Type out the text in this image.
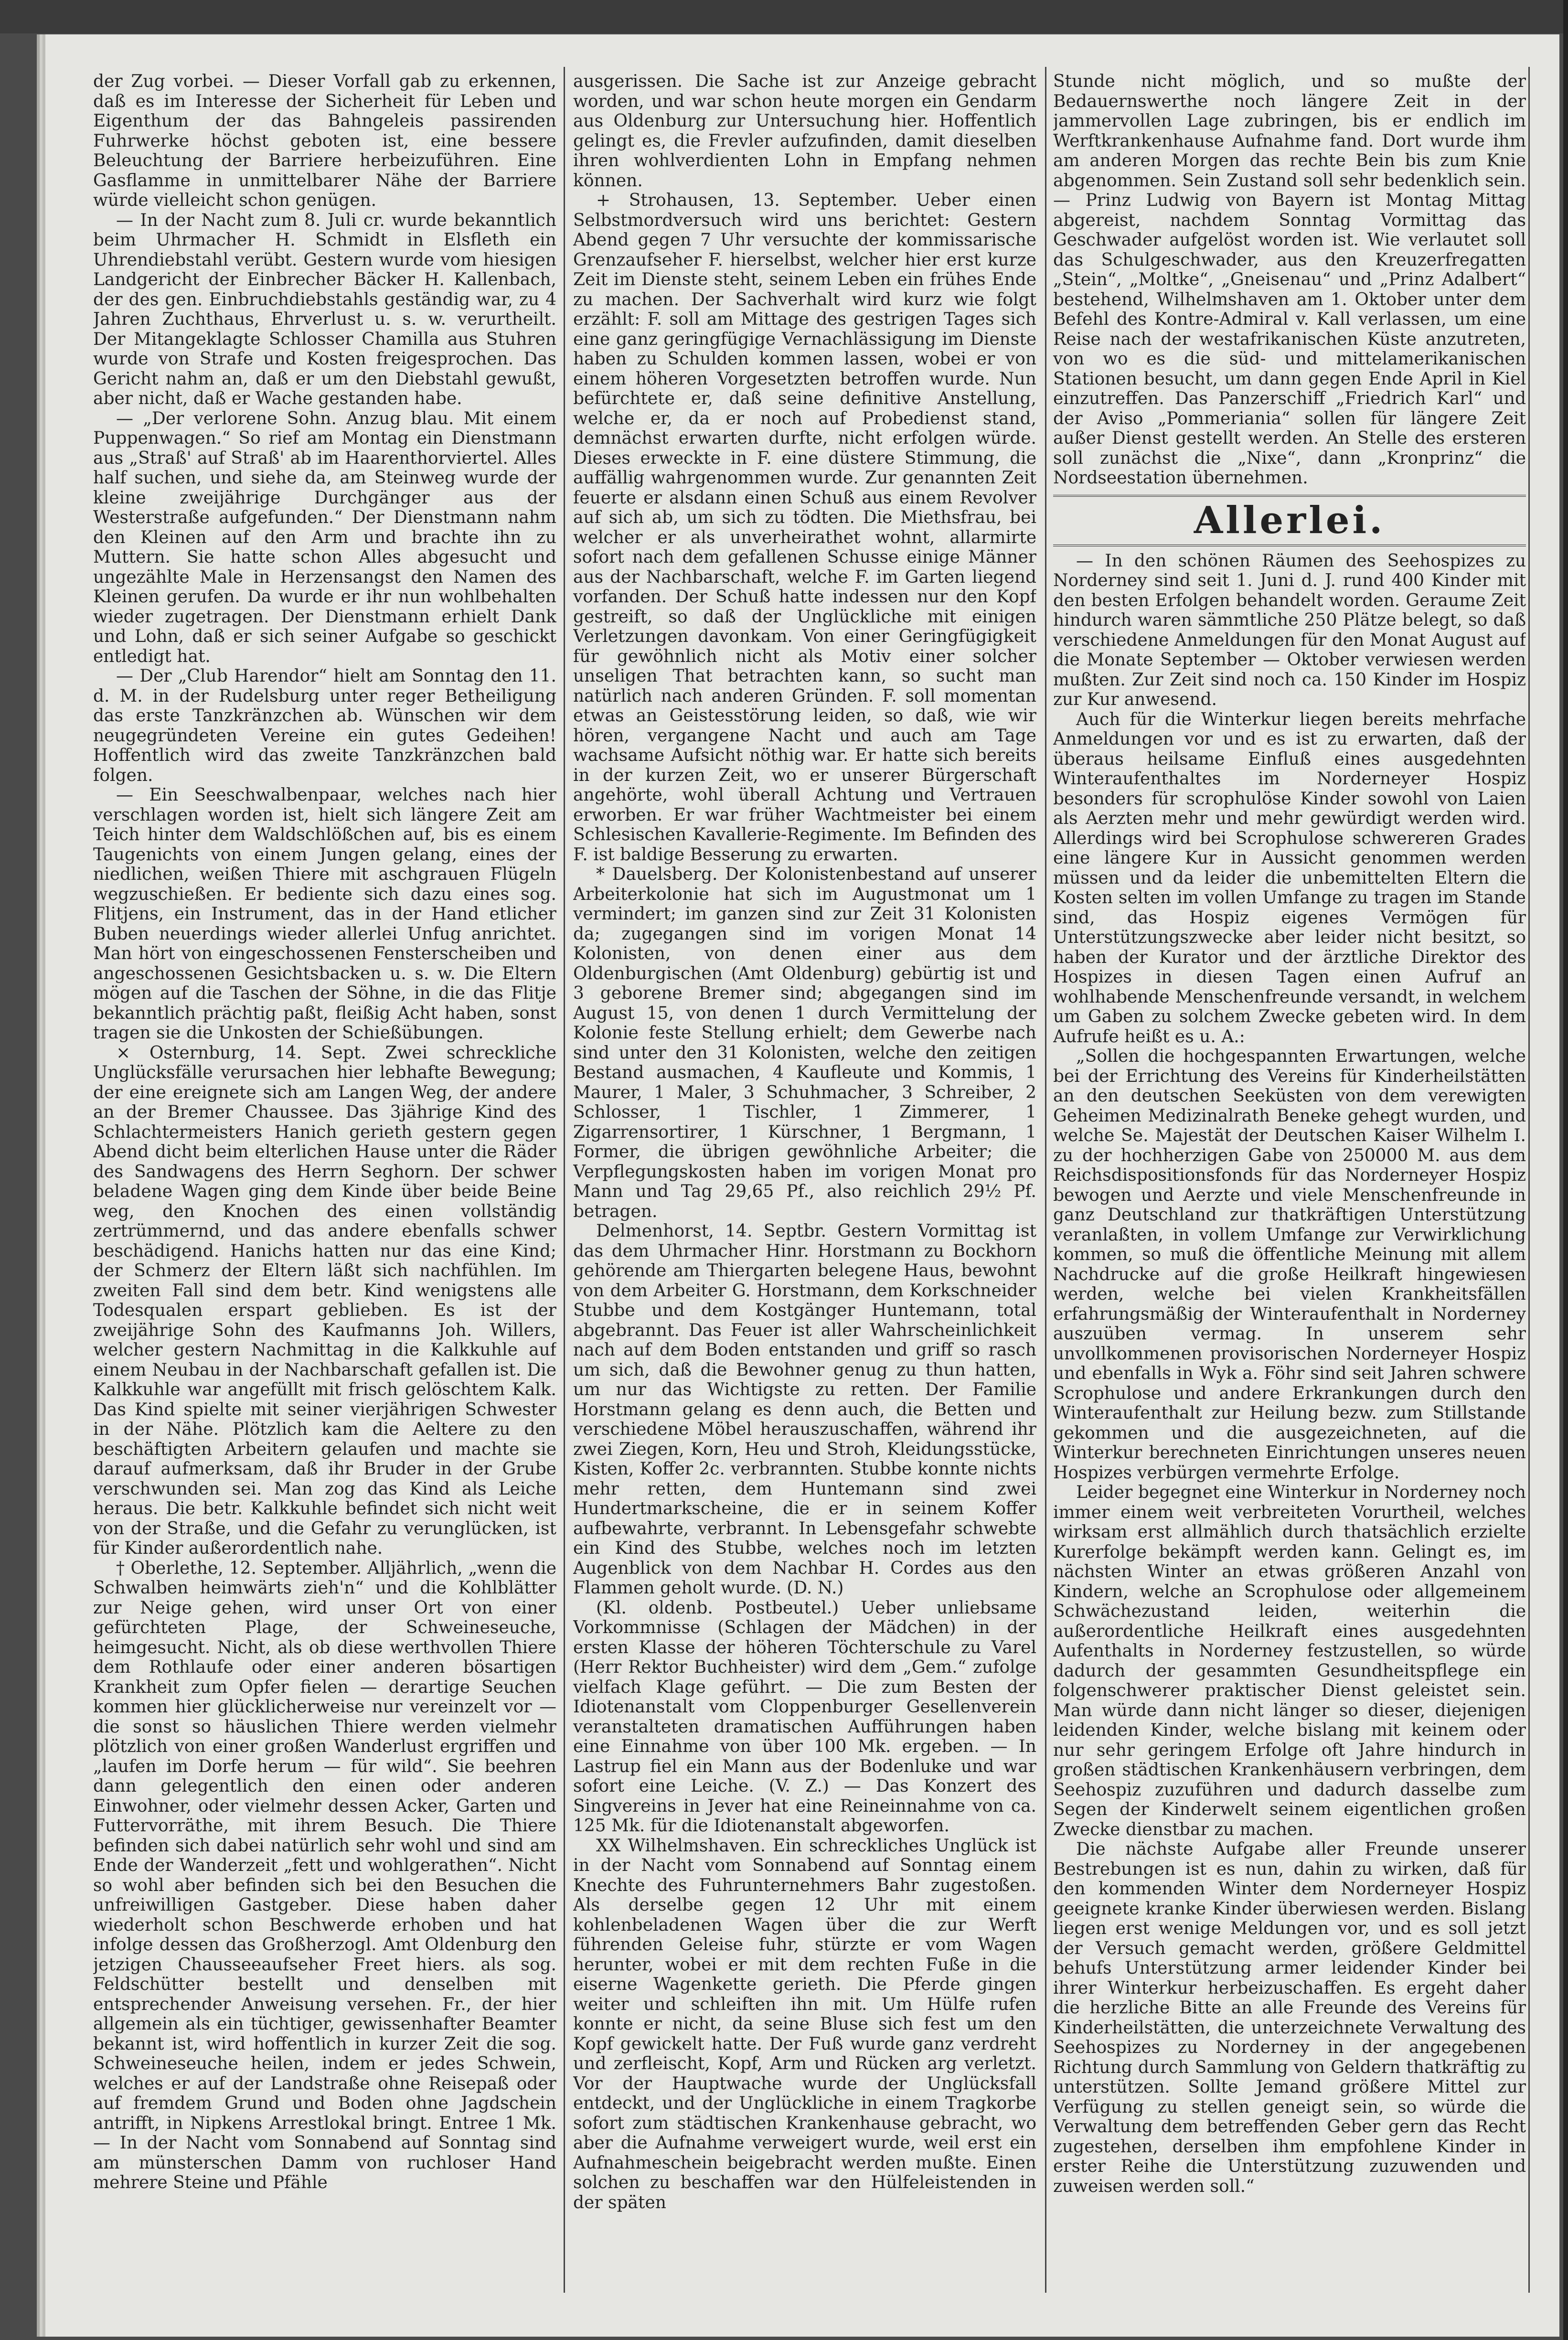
der Zug vorbei. — Dieser Vorfall gab zu erkennen, daß es im Interesse der Sicherheit für Leben und Eigenthum der das Bahngeleis passirenden Fuhrwerke höchst geboten ist, eine bessere Beleuchtung der Barriere herbeizuführen. Eine Gasflamme in unmittelbarer Nähe der Barriere würde vielleicht schon genügen.

— In der Nacht zum 8. Juli cr. wurde bekanntlich beim Uhrmacher H. Schmidt in Elsfleth ein Uhrendiebstahl verübt. Gestern wurde vom hiesigen Landgericht der Einbrecher Bäcker H. Kallenbach, der des gen. Einbruchdiebstahls geständig war, zu 4 Jahren Zuchthaus, Ehrverlust u. s. w. verurtheilt. Der Mitangeklagte Schlosser Chamilla aus Stuhren wurde von Strafe und Kosten freigesprochen. Das Gericht nahm an, daß er um den Diebstahl gewußt, aber nicht, daß er Wache gestanden habe.

— „Der verlorene Sohn. Anzug blau. Mit einem Puppenwagen.“ So rief am Montag ein Dienstmann aus „Straß' auf Straß' ab im Haarenthorviertel. Alles half suchen, und siehe da, am Steinweg wurde der kleine zweijährige Durchgänger aus der Westerstraße aufgefunden.“ Der Dienstmann nahm den Kleinen auf den Arm und brachte ihn zu Muttern. Sie hatte schon Alles abgesucht und ungezählte Male in Herzensangst den Namen des Kleinen gerufen. Da wurde er ihr nun wohlbehalten wieder zugetragen. Der Dienstmann erhielt Dank und Lohn, daß er sich seiner Aufgabe so geschickt entledigt hat.

— Der „Club Harendor“ hielt am Sonntag den 11. d. M. in der Rudelsburg unter reger Betheiligung das erste Tanzkränzchen ab. Wünschen wir dem neugegründeten Vereine ein gutes Gedeihen! Hoffentlich wird das zweite Tanzkränzchen bald folgen.

— Ein Seeschwalbenpaar, welches nach hier verschlagen worden ist, hielt sich längere Zeit am Teich hinter dem Waldschlößchen auf, bis es einem Taugenichts von einem Jungen gelang, eines der niedlichen, weißen Thiere mit aschgrauen Flügeln wegzuschießen. Er bediente sich dazu eines sog. Flitjens, ein Instrument, das in der Hand etlicher Buben neuerdings wieder allerlei Unfug anrichtet. Man hört von eingeschossenen Fensterscheiben und angeschossenen Gesichtsbacken u. s. w. Die Eltern mögen auf die Taschen der Söhne, in die das Flitje bekanntlich prächtig paßt, fleißig Acht haben, sonst tragen sie die Unkosten der Schießübungen.

× Osternburg, 14. Sept. Zwei schreckliche Unglücksfälle verursachen hier lebhafte Bewegung; der eine ereignete sich am Langen Weg, der andere an der Bremer Chaussee. Das 3jährige Kind des Schlachtermeisters Hanich gerieth gestern gegen Abend dicht beim elterlichen Hause unter die Räder des Sandwagens des Herrn Seghorn. Der schwer beladene Wagen ging dem Kinde über beide Beine weg, den Knochen des einen vollständig zertrümmernd, und das andere ebenfalls schwer beschädigend. Hanichs hatten nur das eine Kind; der Schmerz der Eltern läßt sich nachfühlen. Im zweiten Fall sind dem betr. Kind wenigstens alle Todesqualen erspart geblieben. Es ist der zweijährige Sohn des Kaufmanns Joh. Willers, welcher gestern Nachmittag in die Kalkkuhle auf einem Neubau in der Nachbarschaft gefallen ist. Die Kalkkuhle war angefüllt mit frisch gelöschtem Kalk. Das Kind spielte mit seiner vierjährigen Schwester in der Nähe. Plötzlich kam die Aeltere zu den beschäftigten Arbeitern gelaufen und machte sie darauf aufmerksam, daß ihr Bruder in der Grube verschwunden sei. Man zog das Kind als Leiche heraus. Die betr. Kalkkuhle befindet sich nicht weit von der Straße, und die Gefahr zu verunglücken, ist für Kinder außerordentlich nahe.

† Oberlethe, 12. September. Alljährlich, „wenn die Schwalben heimwärts zieh'n“ und die Kohlblätter zur Neige gehen, wird unser Ort von einer gefürchteten Plage, der Schweineseuche, heimgesucht. Nicht, als ob diese werthvollen Thiere dem Rothlaufe oder einer anderen bösartigen Krankheit zum Opfer fielen — derartige Seuchen kommen hier glücklicherweise nur vereinzelt vor — die sonst so häuslichen Thiere werden vielmehr plötzlich von einer großen Wanderlust ergriffen und „laufen im Dorfe herum — für wild“. Sie beehren dann gelegentlich den einen oder anderen Einwohner, oder vielmehr dessen Acker, Garten und Futtervorräthe, mit ihrem Besuch. Die Thiere befinden sich dabei natürlich sehr wohl und sind am Ende der Wanderzeit „fett und wohlgerathen“. Nicht so wohl aber befinden sich bei den Besuchen die unfreiwilligen Gastgeber. Diese haben daher wiederholt schon Beschwerde erhoben und hat infolge dessen das Großherzogl. Amt Oldenburg den jetzigen Chausseeaufseher Freet hiers. als sog. Feldschütter bestellt und denselben mit entsprechender Anweisung versehen. Fr., der hier allgemein als ein tüchtiger, gewissenhafter Beamter bekannt ist, wird hoffentlich in kurzer Zeit die sog. Schweineseuche heilen, indem er jedes Schwein, welches er auf der Landstraße ohne Reisepaß oder auf fremdem Grund und Boden ohne Jagdschein antrifft, in Nipkens Arrestlokal bringt. Entree 1 Mk. — In der Nacht vom Sonnabend auf Sonntag sind am münsterschen Damm von ruchloser Hand mehrere Steine und Pfähle

ausgerissen. Die Sache ist zur Anzeige gebracht worden, und war schon heute morgen ein Gendarm aus Oldenburg zur Untersuchung hier. Hoffentlich gelingt es, die Frevler aufzufinden, damit dieselben ihren wohlverdienten Lohn in Empfang nehmen können.

+ Strohausen, 13. September. Ueber einen Selbstmordversuch wird uns berichtet: Gestern Abend gegen 7 Uhr versuchte der kommissarische Grenzaufseher F. hierselbst, welcher hier erst kurze Zeit im Dienste steht, seinem Leben ein frühes Ende zu machen. Der Sachverhalt wird kurz wie folgt erzählt: F. soll am Mittage des gestrigen Tages sich eine ganz geringfügige Vernachlässigung im Dienste haben zu Schulden kommen lassen, wobei er von einem höheren Vorgesetzten betroffen wurde. Nun befürchtete er, daß seine definitive Anstellung, welche er, da er noch auf Probedienst stand, demnächst erwarten durfte, nicht erfolgen würde. Dieses erweckte in F. eine düstere Stimmung, die auffällig wahrgenommen wurde. Zur genannten Zeit feuerte er alsdann einen Schuß aus einem Revolver auf sich ab, um sich zu tödten. Die Miethsfrau, bei welcher er als unverheirathet wohnt, allarmirte sofort nach dem gefallenen Schusse einige Männer aus der Nachbarschaft, welche F. im Garten liegend vorfanden. Der Schuß hatte indessen nur den Kopf gestreift, so daß der Unglückliche mit einigen Verletzungen davonkam. Von einer Geringfügigkeit für gewöhnlich nicht als Motiv einer solcher unseligen That betrachten kann, so sucht man natürlich nach anderen Gründen. F. soll momentan etwas an Geistesstörung leiden, so daß, wie wir hören, vergangene Nacht und auch am Tage wachsame Aufsicht nöthig war. Er hatte sich bereits in der kurzen Zeit, wo er unserer Bürgerschaft angehörte, wohl überall Achtung und Vertrauen erworben. Er war früher Wachtmeister bei einem Schlesischen Kavallerie-Regimente. Im Befinden des F. ist baldige Besserung zu erwarten.

* Dauelsberg. Der Kolonistenbestand auf unserer Arbeiterkolonie hat sich im Augustmonat um 1 vermindert; im ganzen sind zur Zeit 31 Kolonisten da; zugegangen sind im vorigen Monat 14 Kolonisten, von denen einer aus dem Oldenburgischen (Amt Oldenburg) gebürtig ist und 3 geborene Bremer sind; abgegangen sind im August 15, von denen 1 durch Vermittelung der Kolonie feste Stellung erhielt; dem Gewerbe nach sind unter den 31 Kolonisten, welche den zeitigen Bestand ausmachen, 4 Kaufleute und Kommis, 1 Maurer, 1 Maler, 3 Schuhmacher, 3 Schreiber, 2 Schlosser, 1 Tischler, 1 Zimmerer, 1 Zigarrensortirer, 1 Kürschner, 1 Bergmann, 1 Former, die übrigen gewöhnliche Arbeiter; die Verpflegungskosten haben im vorigen Monat pro Mann und Tag 29,65 Pf., also reichlich 29½ Pf. betragen.

Delmenhorst, 14. Septbr. Gestern Vormittag ist das dem Uhrmacher Hinr. Horstmann zu Bockhorn gehörende am Thiergarten belegene Haus, bewohnt von dem Arbeiter G. Horstmann, dem Korkschneider Stubbe und dem Kostgänger Huntemann, total abgebrannt. Das Feuer ist aller Wahrscheinlichkeit nach auf dem Boden entstanden und griff so rasch um sich, daß die Bewohner genug zu thun hatten, um nur das Wichtigste zu retten. Der Familie Horstmann gelang es denn auch, die Betten und verschiedene Möbel herauszuschaffen, während ihr zwei Ziegen, Korn, Heu und Stroh, Kleidungsstücke, Kisten, Koffer 2c. verbrannten. Stubbe konnte nichts mehr retten, dem Huntemann sind zwei Hundertmarkscheine, die er in seinem Koffer aufbewahrte, verbrannt. In Lebensgefahr schwebte ein Kind des Stubbe, welches noch im letzten Augenblick von dem Nachbar H. Cordes aus den Flammen geholt wurde. (D. N.)

(Kl. oldenb. Postbeutel.) Ueber unliebsame Vorkommnisse (Schlagen der Mädchen) in der ersten Klasse der höheren Töchterschule zu Varel (Herr Rektor Buchheister) wird dem „Gem.“ zufolge vielfach Klage geführt. — Die zum Besten der Idiotenanstalt vom Cloppenburger Gesellenverein veranstalteten dramatischen Aufführungen haben eine Einnahme von über 100 Mk. ergeben. — In Lastrup fiel ein Mann aus der Bodenluke und war sofort eine Leiche. (V. Z.) — Das Konzert des Singvereins in Jever hat eine Reineinnahme von ca. 125 Mk. für die Idiotenanstalt abgeworfen.

XX Wilhelmshaven. Ein schreckliches Unglück ist in der Nacht vom Sonnabend auf Sonntag einem Knechte des Fuhrunternehmers Bahr zugestoßen. Als derselbe gegen 12 Uhr mit einem kohlenbeladenen Wagen über die zur Werft führenden Geleise fuhr, stürzte er vom Wagen herunter, wobei er mit dem rechten Fuße in die eiserne Wagenkette gerieth. Die Pferde gingen weiter und schleiften ihn mit. Um Hülfe rufen konnte er nicht, da seine Bluse sich fest um den Kopf gewickelt hatte. Der Fuß wurde ganz verdreht und zerfleischt, Kopf, Arm und Rücken arg verletzt. Vor der Hauptwache wurde der Unglücksfall entdeckt, und der Unglückliche in einem Tragkorbe sofort zum städtischen Krankenhause gebracht, wo aber die Aufnahme verweigert wurde, weil erst ein Aufnahmeschein beigebracht werden mußte. Einen solchen zu beschaffen war den Hülfeleistenden in der späten

Stunde nicht möglich, und so mußte der Bedauernswerthe noch längere Zeit in der jammervollen Lage zubringen, bis er endlich im Werftkrankenhause Aufnahme fand. Dort wurde ihm am anderen Morgen das rechte Bein bis zum Knie abgenommen. Sein Zustand soll sehr bedenklich sein. — Prinz Ludwig von Bayern ist Montag Mittag abgereist, nachdem Sonntag Vormittag das Geschwader aufgelöst worden ist. Wie verlautet soll das Schulgeschwader, aus den Kreuzerfregatten „Stein“, „Moltke“, „Gneisenau“ und „Prinz Adalbert“ bestehend, Wilhelmshaven am 1. Oktober unter dem Befehl des Kontre-Admiral v. Kall verlassen, um eine Reise nach der westafrikanischen Küste anzutreten, von wo es die süd- und mittelamerikanischen Stationen besucht, um dann gegen Ende April in Kiel einzutreffen. Das Panzerschiff „Friedrich Karl“ und der Aviso „Pommeriania“ sollen für längere Zeit außer Dienst gestellt werden. An Stelle des ersteren soll zunächst die „Nixe“, dann „Kronprinz“ die Nordseestation übernehmen.

Allerlei.

— In den schönen Räumen des Seehospizes zu Norderney sind seit 1. Juni d. J. rund 400 Kinder mit den besten Erfolgen behandelt worden. Geraume Zeit hindurch waren sämmtliche 250 Plätze belegt, so daß verschiedene Anmeldungen für den Monat August auf die Monate September — Oktober verwiesen werden mußten. Zur Zeit sind noch ca. 150 Kinder im Hospiz zur Kur anwesend.

Auch für die Winterkur liegen bereits mehrfache Anmeldungen vor und es ist zu erwarten, daß der überaus heilsame Einfluß eines ausgedehnten Winteraufenthaltes im Norderneyer Hospiz besonders für scrophulöse Kinder sowohl von Laien als Aerzten mehr und mehr gewürdigt werden wird. Allerdings wird bei Scrophulose schwereren Grades eine längere Kur in Aussicht genommen werden müssen und da leider die unbemittelten Eltern die Kosten selten im vollen Umfange zu tragen im Stande sind, das Hospiz eigenes Vermögen für Unterstützungszwecke aber leider nicht besitzt, so haben der Kurator und der ärztliche Direktor des Hospizes in diesen Tagen einen Aufruf an wohlhabende Menschenfreunde versandt, in welchem um Gaben zu solchem Zwecke gebeten wird. In dem Aufrufe heißt es u. A.:

„Sollen die hochgespannten Erwartungen, welche bei der Errichtung des Vereins für Kinderheilstätten an den deutschen Seeküsten von dem verewigten Geheimen Medizinalrath Beneke gehegt wurden, und welche Se. Majestät der Deutschen Kaiser Wilhelm I. zu der hochherzigen Gabe von 250000 M. aus dem Reichsdispositionsfonds für das Norderneyer Hospiz bewogen und Aerzte und viele Menschenfreunde in ganz Deutschland zur thatkräftigen Unterstützung veranlaßten, in vollem Umfange zur Verwirklichung kommen, so muß die öffentliche Meinung mit allem Nachdrucke auf die große Heilkraft hingewiesen werden, welche bei vielen Krankheitsfällen erfahrungsmäßig der Winteraufenthalt in Norderney auszuüben vermag. In unserem sehr unvollkommenen provisorischen Norderneyer Hospiz und ebenfalls in Wyk a. Föhr sind seit Jahren schwere Scrophulose und andere Erkrankungen durch den Winteraufenthalt zur Heilung bezw. zum Stillstande gekommen und die ausgezeichneten, auf die Winterkur berechneten Einrichtungen unseres neuen Hospizes verbürgen vermehrte Erfolge.

Leider begegnet eine Winterkur in Norderney noch immer einem weit verbreiteten Vorurtheil, welches wirksam erst allmählich durch thatsächlich erzielte Kurerfolge bekämpft werden kann. Gelingt es, im nächsten Winter an etwas größeren Anzahl von Kindern, welche an Scrophulose oder allgemeinem Schwächezustand leiden, weiterhin die außerordentliche Heilkraft eines ausgedehnten Aufenthalts in Norderney festzustellen, so würde dadurch der gesammten Gesundheitspflege ein folgenschwerer praktischer Dienst geleistet sein. Man würde dann nicht länger so dieser, diejenigen leidenden Kinder, welche bislang mit keinem oder nur sehr geringem Erfolge oft Jahre hindurch in großen städtischen Krankenhäusern verbringen, dem Seehospiz zuzuführen und dadurch dasselbe zum Segen der Kinderwelt seinem eigentlichen großen Zwecke dienstbar zu machen.

Die nächste Aufgabe aller Freunde unserer Bestrebungen ist es nun, dahin zu wirken, daß für den kommenden Winter dem Norderneyer Hospiz geeignete kranke Kinder überwiesen werden. Bislang liegen erst wenige Meldungen vor, und es soll jetzt der Versuch gemacht werden, größere Geldmittel behufs Unterstützung armer leidender Kinder bei ihrer Winterkur herbeizuschaffen. Es ergeht daher die herzliche Bitte an alle Freunde des Vereins für Kinderheilstätten, die unterzeichnete Verwaltung des Seehospizes zu Norderney in der angegebenen Richtung durch Sammlung von Geldern thatkräftig zu unterstützen. Sollte Jemand größere Mittel zur Verfügung zu stellen geneigt sein, so würde die Verwaltung dem betreffenden Geber gern das Recht zugestehen, derselben ihm empfohlene Kinder in erster Reihe die Unterstützung zuzuwenden und zuweisen werden soll.“
